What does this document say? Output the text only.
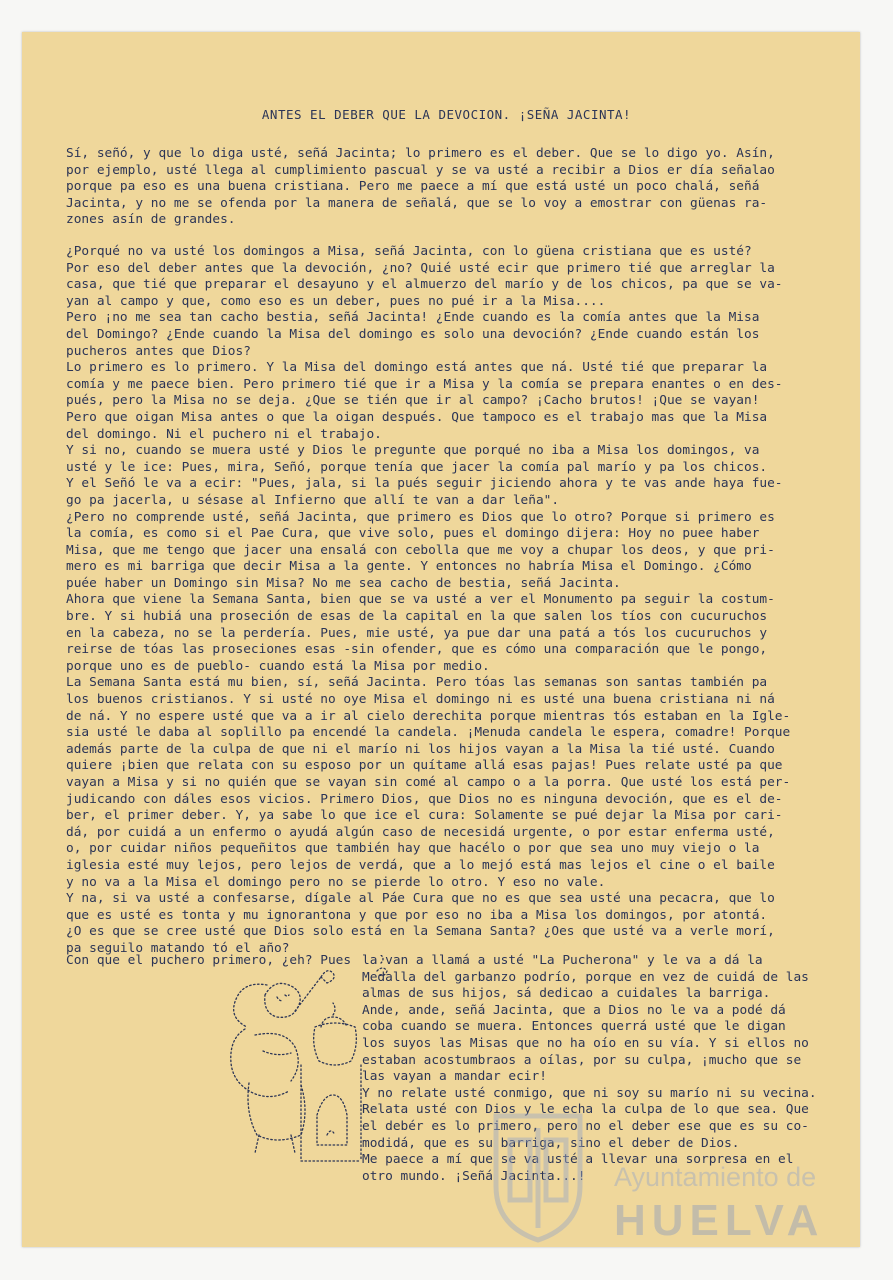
ANTES EL DEBER QUE LA DEVOCION. ¡SEÑA JACINTA!
Sí, señó, y que lo diga usté, señá Jacinta; lo primero es el deber. Que se lo digo yo. Asín,
por ejemplo, usté llega al cumplimiento pascual y se va usté a recibir a Dios er día señalao
porque pa eso es una buena cristiana. Pero me paece a mí que está usté un poco chalá, señá
Jacinta, y no me se ofenda por la manera de señalá, que se lo voy a emostrar con güenas ra-
zones asín de grandes.
¿Porqué no va usté los domingos a Misa, señá Jacinta, con lo güena cristiana que es usté?
Por eso del deber antes que la devoción, ¿no? Quié usté ecir que primero tié que arreglar la
casa, que tié que preparar el desayuno y el almuerzo del marío y de los chicos, pa que se va-
yan al campo y que, como eso es un deber, pues no pué ir a la Misa....
Pero ¡no me sea tan cacho bestia, señá Jacinta! ¿Ende cuando es la comía antes que la Misa
del Domingo? ¿Ende cuando la Misa del domingo es solo una devoción? ¿Ende cuando están los
pucheros antes que Dios?
Lo primero es lo primero. Y la Misa del domingo está antes que ná. Usté tié que preparar la
comía y me paece bien. Pero primero tié que ir a Misa y la comía se prepara enantes o en des-
pués, pero la Misa no se deja. ¿Que se tién que ir al campo? ¡Cacho brutos! ¡Que se vayan!
Pero que oigan Misa antes o que la oigan después. Que tampoco es el trabajo mas que la Misa
del domingo. Ni el puchero ni el trabajo.
Y si no, cuando se muera usté y Dios le pregunte que porqué no iba a Misa los domingos, va
usté y le ice: Pues, mira, Señó, porque tenía que jacer la comía pal marío y pa los chicos.
Y el Señó le va a ecir: "Pues, jala, si la pués seguir jiciendo ahora y te vas ande haya fue-
go pa jacerla, u sésase al Infierno que allí te van a dar leña".
¿Pero no comprende usté, señá Jacinta, que primero es Dios que lo otro? Porque si primero es
la comía, es como si el Pae Cura, que vive solo, pues el domingo dijera: Hoy no puee haber
Misa, que me tengo que jacer una ensalá con cebolla que me voy a chupar los deos, y que pri-
mero es mi barriga que decir Misa a la gente. Y entonces no habría Misa el Domingo. ¿Cómo
puée haber un Domingo sin Misa? No me sea cacho de bestia, señá Jacinta.
Ahora que viene la Semana Santa, bien que se va usté a ver el Monumento pa seguir la costum-
bre. Y si hubiá una proseción de esas de la capital en la que salen los tíos con cucuruchos
en la cabeza, no se la perdería. Pues, mie usté, ya pue dar una patá a tós los cucuruchos y
reirse de tóas las proseciones esas -sin ofender, que es cómo una comparación que le pongo,
porque uno es de pueblo- cuando está la Misa por medio.
La Semana Santa está mu bien, sí, señá Jacinta. Pero tóas las semanas son santas también pa
los buenos cristianos. Y si usté no oye Misa el domingo ni es usté una buena cristiana ni ná
de ná. Y no espere usté que va a ir al cielo derechita porque mientras tós estaban en la Igle-
sia usté le daba al soplillo pa encendé la candela. ¡Menuda candela le espera, comadre! Porque
además parte de la culpa de que ni el marío ni los hijos vayan a la Misa la tié usté. Cuando
quiere ¡bien que relata con su esposo por un quítame allá esas pajas! Pues relate usté pa que
vayan a Misa y si no quién que se vayan sin comé al campo o a la porra. Que usté los está per-
judicando con dáles esos vicios. Primero Dios, que Dios no es ninguna devoción, que es el de-
ber, el primer deber. Y, ya sabe lo que ice el cura: Solamente se pué dejar la Misa por cari-
dá, por cuidá a un enfermo o ayudá algún caso de necesidá urgente, o por estar enferma usté,
o, por cuidar niños pequeñitos que también hay que hacélo o por que sea uno muy viejo o la
iglesia esté muy lejos, pero lejos de verdá, que a lo mejó está mas lejos el cine o el baile
y no va a la Misa el domingo pero no se pierde lo otro. Y eso no vale.
Y na, si va usté a confesarse, dígale al Páe Cura que no es que sea usté una pecacra, que lo
que es usté es tonta y mu ignorantona y que por eso no iba a Misa los domingos, por atontá.
¿O es que se cree usté que Dios solo está en la Semana Santa? ¿Oes que usté va a verle morí,
pa seguilo matando tó el año?
Con que el puchero primero, ¿eh? Pues la van a llamá a usté "La Pucherona" y le va a dá la
Medalla del garbanzo podrío, porque en vez de cuidá de las
almas de sus hijos, sá dedicao a cuidales la barriga.
Ande, ande, señá Jacinta, que a Dios no le va a podé dá
coba cuando se muera. Entonces querrá usté que le digan
los suyos las Misas que no ha oío en su vía. Y si ellos no
estaban acostumbraos a oílas, por su culpa, ¡mucho que se
las vayan a mandar ecir!
Y no relate usté conmigo, que ni soy su marío ni su vecina.
Relata usté con Dios y le echa la culpa de lo que sea. Que
el debér es lo primero, pero no el deber ese que es su co-
modidá, que es su barriga, sino el deber de Dios.
Me paece a mí que se va usté a llevar una sorpresa en el
otro mundo. ¡Señá Jacinta...!	Ayuntamiento de
HUELVA
